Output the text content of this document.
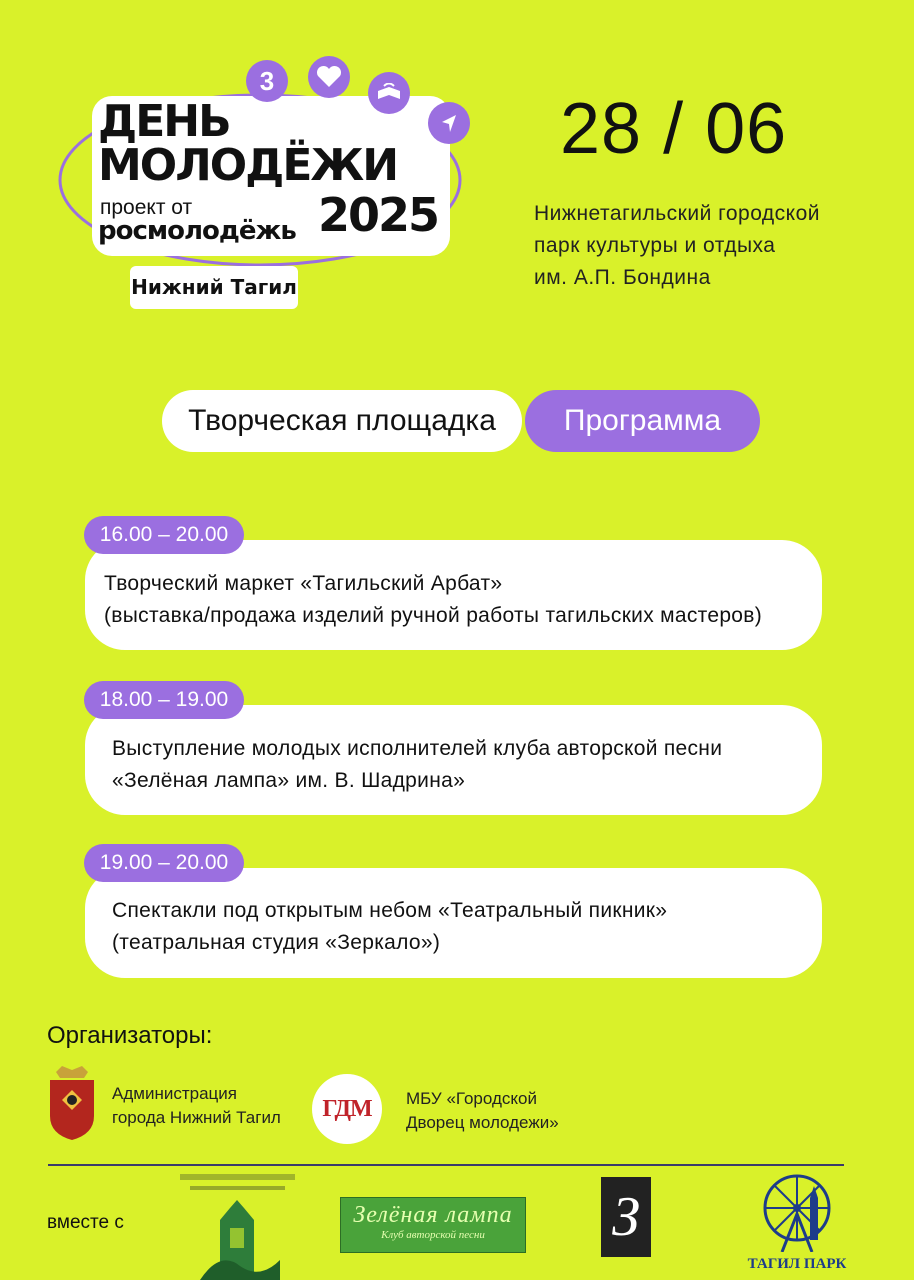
ДЕНЬ
МОЛОДЁЖИ
проект от
росмолодёжь 2025
3
Нижний Тагил
28 / 06
Нижнетагильский городской
парк культуры и отдыха
им. А.П. Бондина
Творческая площадка	Программа
16.00 – 20.00
Творческий маркет «Тагильский Арбат»
(выставка/продажа изделий ручной работы тагильских мастеров)
18.00 – 19.00
Выступление молодых исполнителей клуба авторской песни
«Зелёная лампа» им. В. Шадрина»
19.00 – 20.00
Спектакли под открытым небом «Театральный пикник»
(театральная студия «Зеркало»)
Организаторы:
Администрация
города Нижний Тагил ГДМ МБУ «Городской
Дворец молодежи»
вместе с	Зелёная лампа
Клуб авторской песни	З
ТАГИЛ ПАРК
